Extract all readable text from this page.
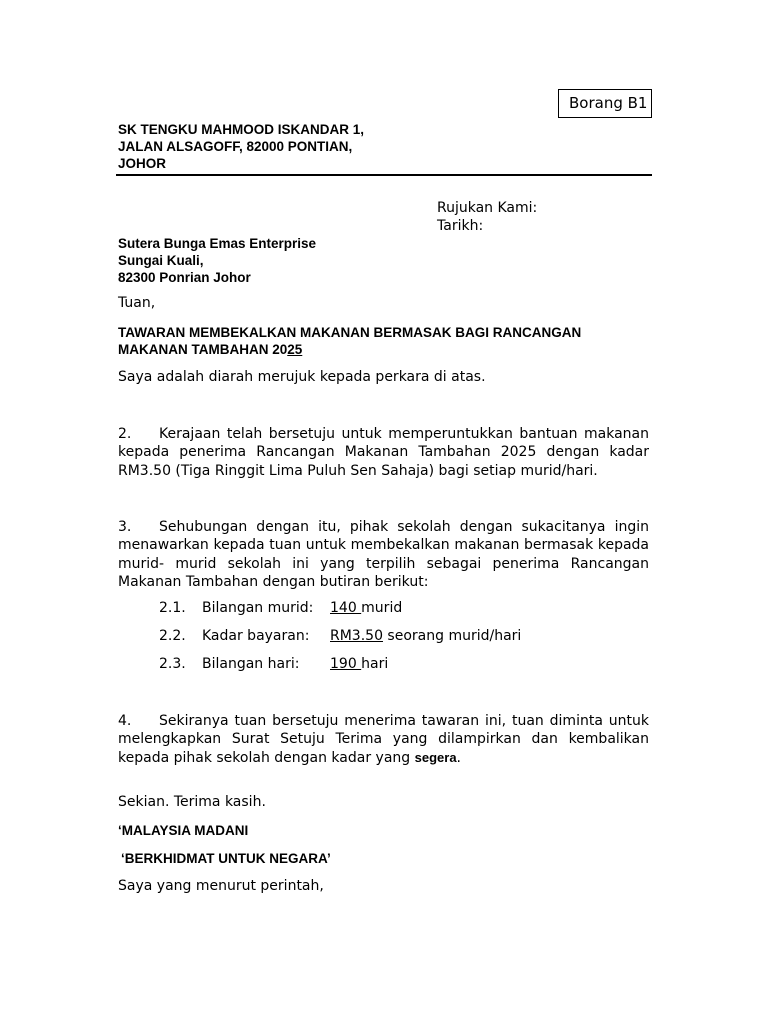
Borang B1
SK TENGKU MAHMOOD ISKANDAR 1,
JALAN ALSAGOFF, 82000 PONTIAN,
JOHOR
Rujukan Kami:
Tarikh:
Sutera Bunga Emas Enterprise
Sungai Kuali,
82300 Ponrian Johor
Tuan,
TAWARAN MEMBEKALKAN MAKANAN BERMASAK BAGI RANCANGAN
MAKANAN TAMBAHAN 2025
Saya adalah diarah merujuk kepada perkara di atas.
2. Kerajaan telah bersetuju untuk memperuntukkan bantuan makanan kepada penerima Rancangan Makanan Tambahan 2025 dengan kadar RM3.50 (Tiga Ringgit Lima Puluh Sen Sahaja) bagi setiap murid/hari.
3. Sehubungan dengan itu, pihak sekolah dengan sukacitanya ingin menawarkan kepada tuan untuk membekalkan makanan bermasak kepada murid- murid sekolah ini yang terpilih sebagai penerima Rancangan Makanan Tambahan dengan butiran berikut:
2.1. Bilangan murid: 140 murid
2.2. Kadar bayaran: RM3.50 seorang murid/hari
2.3. Bilangan hari: 190 hari
4. Sekiranya tuan bersetuju menerima tawaran ini, tuan diminta untuk melengkapkan Surat Setuju Terima yang dilampirkan dan kembalikan kepada pihak sekolah dengan kadar yang segera.
Sekian. Terima kasih.
‘MALAYSIA MADANI
‘BERKHIDMAT UNTUK NEGARA’
Saya yang menurut perintah,
